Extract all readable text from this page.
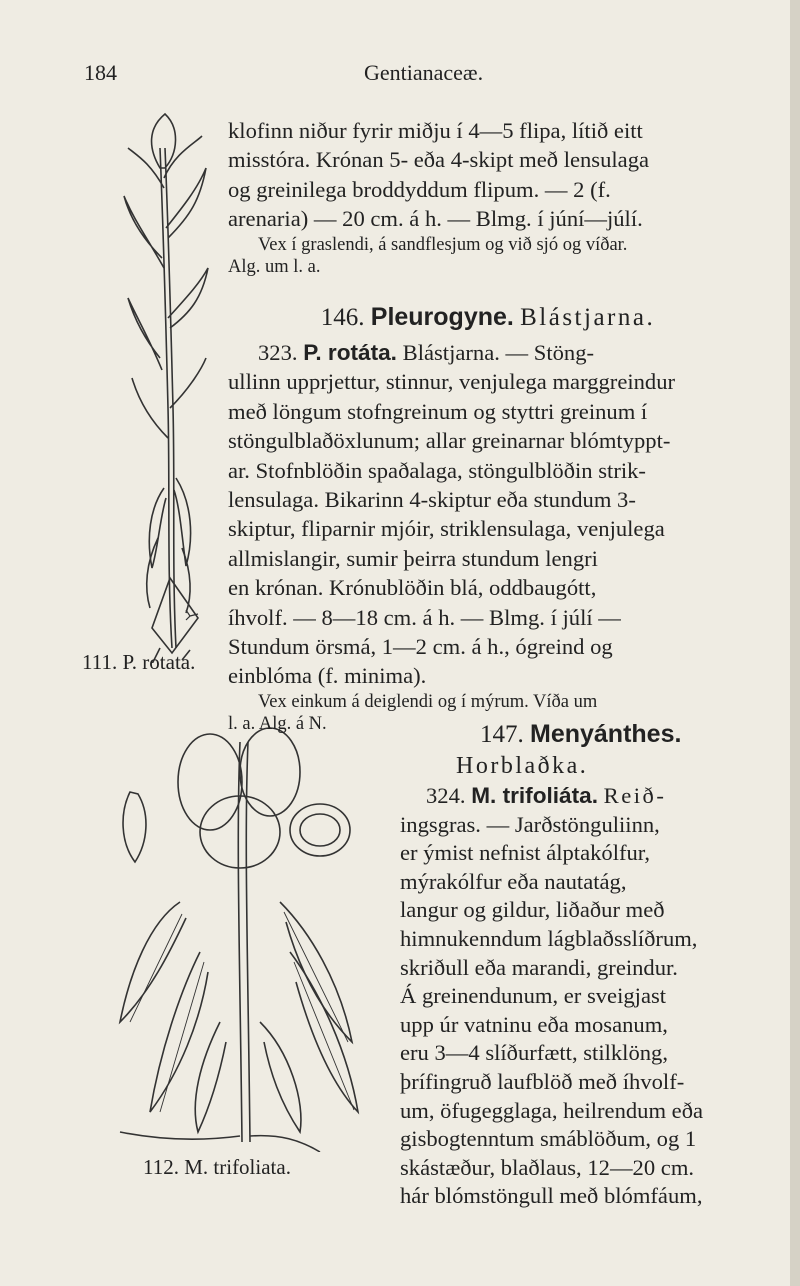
184	Gentianaceæ.
111. P. rotata.
112. M. trifoliata.

klofinn niður fyrir miðju í 4—5 flipa, lítið eitt

misstóra. Krónan 5- eða 4-skipt með lensulaga

og greinilega broddyddum flipum. — 2 (f.

arenaria) — 20 cm. á h. — Blmg. í júní—júlí.

Vex í graslendi, á sandflesjum og við sjó og víðar.

Alg. um l. a.

146. Pleurogyne. Blástjarna.

323. P. rotáta. Blástjarna. — Stöng-

ullinn upprjettur, stinnur, venjulega marggreindur

með löngum stofngreinum og styttri greinum í

stöngulblaðöxlunum; allar greinarnar blómtyppt-

ar. Stofnblöðin spaðalaga, stöngulblöðin strik-

lensulaga. Bikarinn 4-skiptur eða stundum 3-

skiptur, fliparnir mjóir, striklensulaga, venjulega

allmislangir, sumir þeirra stundum lengri

en krónan. Krónublöðin blá, oddbaugótt,

íhvolf. — 8—18 cm. á h. — Blmg. í júlí —

Stundum örsmá, 1—2 cm. á h., ógreind og

einblóma (f. minima).

Vex einkum á deiglendi og í mýrum. Víða um

l. a. Alg. á N.	147. Menyánthes.

Horblaðka.

324. M. trifoliáta. Reið-

ingsgras. — Jarðstönguliinn,

er ýmist nefnist álptakólfur,

mýrakólfur eða nautatág,

langur og gildur, liðaður með

himnukenndum lágblaðsslíðrum,

skriðull eða marandi, greindur.

Á greinendunum, er sveigjast

upp úr vatninu eða mosanum,

eru 3—4 slíðurfætt, stilklöng,

þrífingruð laufblöð með íhvolf-

um, öfugegglaga, heilrendum eða

gisbogtenntum smáblöðum, og 1

skástæður, blaðlaus, 12—20 cm.

hár blómstöngull með blómfáum,
